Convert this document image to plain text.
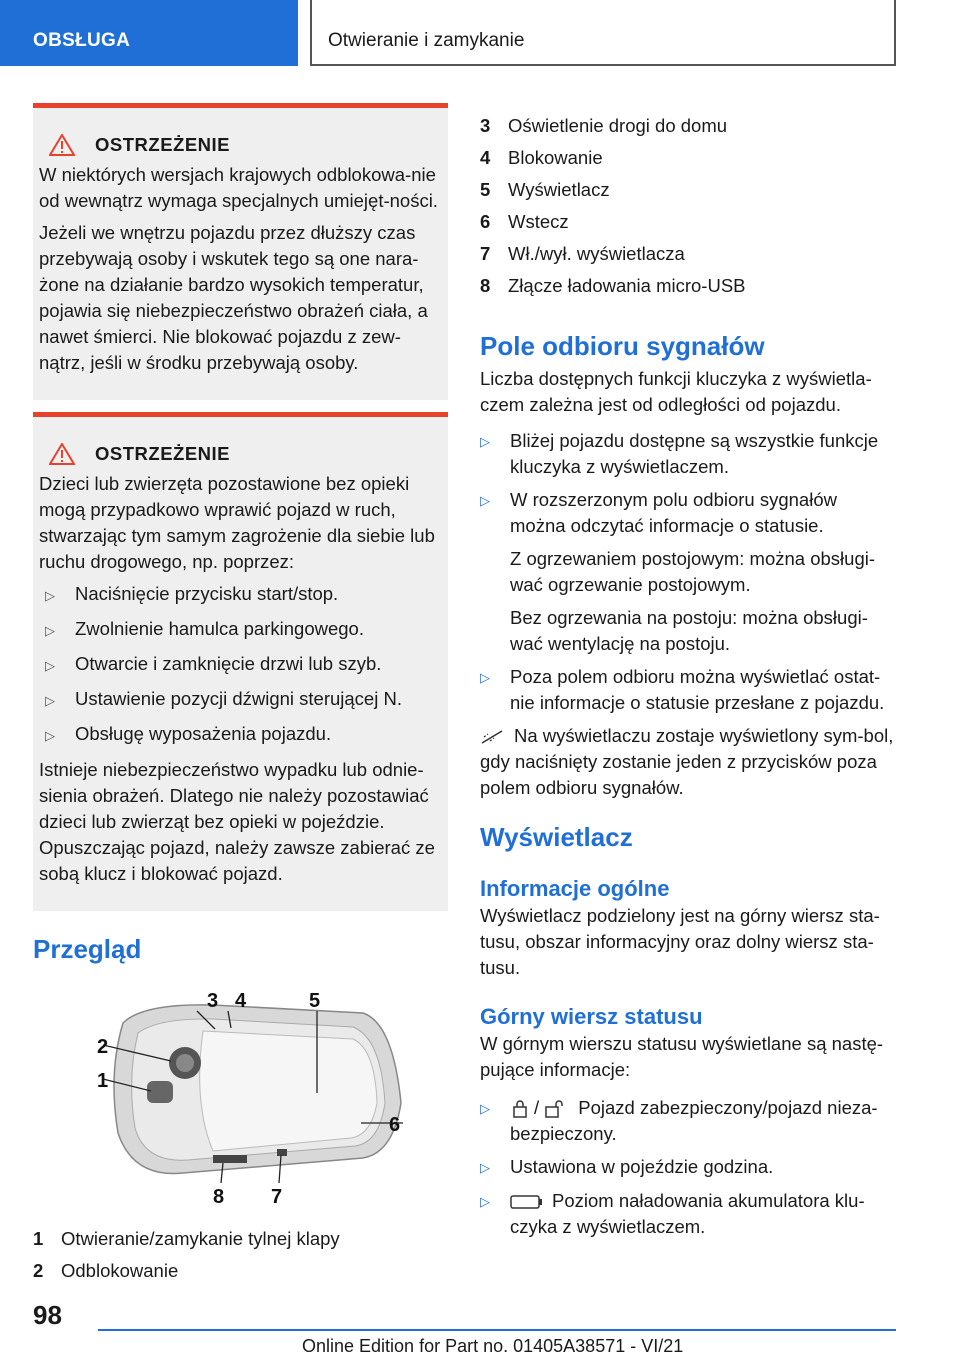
OBSŁUGA	Otwieranie i zamykanie
OSTRZEŻENIE

W niektórych wersjach krajowych odblokowa-nie od wewnątrz wymaga specjalnych umiejęt-ności.

Jeżeli we wnętrzu pojazdu przez dłuższy czas przebywają osoby i wskutek tego są one nara-żone na działanie bardzo wysokich temperatur, pojawia się niebezpieczeństwo obrażeń ciała, a nawet śmierci. Nie blokować pojazdu z zew-nątrz, jeśli w środku przebywają osoby.

OSTRZEŻENIE

Dzieci lub zwierzęta pozostawione bez opieki mogą przypadkowo wprawić pojazd w ruch, stwarzając tym samym zagrożenie dla siebie lub ruchu drogowego, np. poprzez:

▷	Naciśnięcie przycisku start/stop.
▷	Zwolnienie hamulca parkingowego.
▷	Otwarcie i zamknięcie drzwi lub szyb.
▷	Ustawienie pozycji dźwigni sterującej N.
▷	Obsługę wyposażenia pojazdu.

Istnieje niebezpieczeństwo wypadku lub odnie-sienia obrażeń. Dlatego nie należy pozostawiać dzieci lub zwierząt bez opieki w pojeździe. Opuszczając pojazd, należy zawsze zabierać ze sobą klucz i blokować pojazd.

Przegląd
3 4	5
2
1
6
8 7
1 Otwieranie/zamykanie tylnej klapy
2 Odblokowanie
3 Oświetlenie drogi do domu
4 Blokowanie
5 Wyświetlacz
6 Wstecz
7 Wł./wył. wyświetlacza
8 Złącze ładowania micro-USB
Pole odbioru sygnałów

Liczba dostępnych funkcji kluczyka z wyświetla-czem zależna jest od odległości od pojazdu.

▷	Bliżej pojazdu dostępne są wszystkie funkcje kluczyka z wyświetlaczem.
▷	W rozszerzonym polu odbioru sygnałów można odczytać informacje o statusie.

Z ogrzewaniem postojowym: można obsługi-wać ogrzewanie postojowym.

Bez ogrzewania na postoju: można obsługi-wać wentylację na postoju.

▷	Poza polem odbioru można wyświetlać ostat-nie informacje o statusie przesłane z pojazdu.

Na wyświetlaczu zostaje wyświetlony sym-bol, gdy naciśnięty zostanie jeden z przycisków poza polem odbioru sygnałów.

Wyświetlacz
Informacje ogólne

Wyświetlacz podzielony jest na górny wiersz sta-tusu, obszar informacyjny oraz dolny wiersz sta-tusu.

Górny wiersz statusu

W górnym wierszu statusu wyświetlane są nastę-pujące informacje:

▷	/ Pojazd zabezpieczony/pojazd nieza-bezpieczony.
▷	Ustawiona w pojeździe godzina.
▷	Poziom naładowania akumulatora klu-czyka z wyświetlaczem.
98
Online Edition for Part no. 01405A38571 - VI/21
